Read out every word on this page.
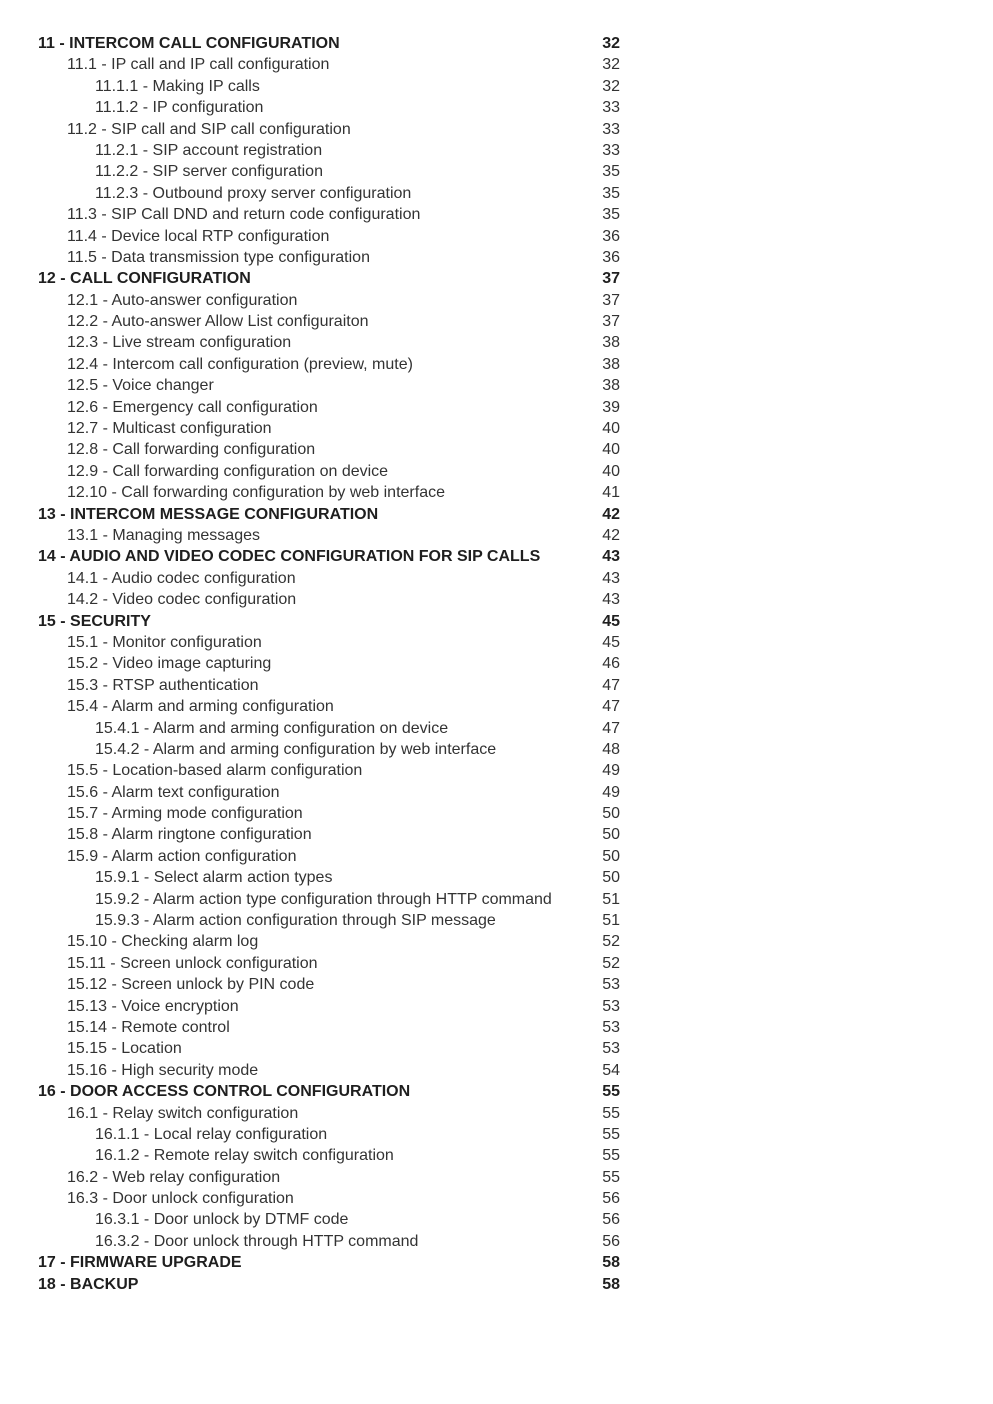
11 - INTERCOM CALL CONFIGURATION	32
11.1 - IP call and IP call configuration	32
11.1.1 - Making IP calls	32
11.1.2 - IP configuration	33
11.2 - SIP call and SIP call configuration	33
11.2.1 - SIP account registration	33
11.2.2 - SIP server configuration	35
11.2.3 - Outbound proxy server configuration	35
11.3 - SIP Call DND and return code configuration	35
11.4 - Device local RTP configuration	36
11.5 - Data transmission type configuration	36
12 - CALL CONFIGURATION	37
12.1 - Auto-answer configuration	37
12.2 - Auto-answer Allow List configuraiton	37
12.3 - Live stream configuration	38
12.4 - Intercom call configuration (preview, mute)	38
12.5 - Voice changer	38
12.6 - Emergency call configuration	39
12.7 - Multicast configuration	40
12.8 - Call forwarding configuration	40
12.9 - Call forwarding configuration on device	40
12.10 - Call forwarding configuration by web interface	41
13 - INTERCOM MESSAGE CONFIGURATION	42
13.1 - Managing messages	42
14 - AUDIO AND VIDEO CODEC CONFIGURATION FOR SIP CALLS	43
14.1 - Audio codec configuration	43
14.2 - Video codec configuration	43
15 - SECURITY	45
15.1 - Monitor configuration	45
15.2 - Video image capturing	46
15.3 - RTSP authentication	47
15.4 - Alarm and arming configuration	47
15.4.1 - Alarm and arming configuration on device	47
15.4.2 - Alarm and arming configuration by web interface	48
15.5 - Location-based alarm configuration	49
15.6 - Alarm text configuration	49
15.7 - Arming mode configuration	50
15.8 - Alarm ringtone configuration	50
15.9 - Alarm action configuration	50
15.9.1 - Select alarm action types	50
15.9.2 - Alarm action type configuration through HTTP command	51
15.9.3 - Alarm action configuration through SIP message	51
15.10 - Checking alarm log	52
15.11 - Screen unlock configuration	52
15.12 - Screen unlock by PIN code	53
15.13 - Voice encryption	53
15.14 - Remote control	53
15.15 - Location	53
15.16 - High security mode	54
16 - DOOR ACCESS CONTROL CONFIGURATION	55
16.1 - Relay switch configuration	55
16.1.1 - Local relay configuration	55
16.1.2 - Remote relay switch configuration	55
16.2 - Web relay configuration	55
16.3 - Door unlock configuration	56
16.3.1 - Door unlock by DTMF code	56
16.3.2 - Door unlock through HTTP command	56
17 - FIRMWARE UPGRADE	58
18 - BACKUP	58
